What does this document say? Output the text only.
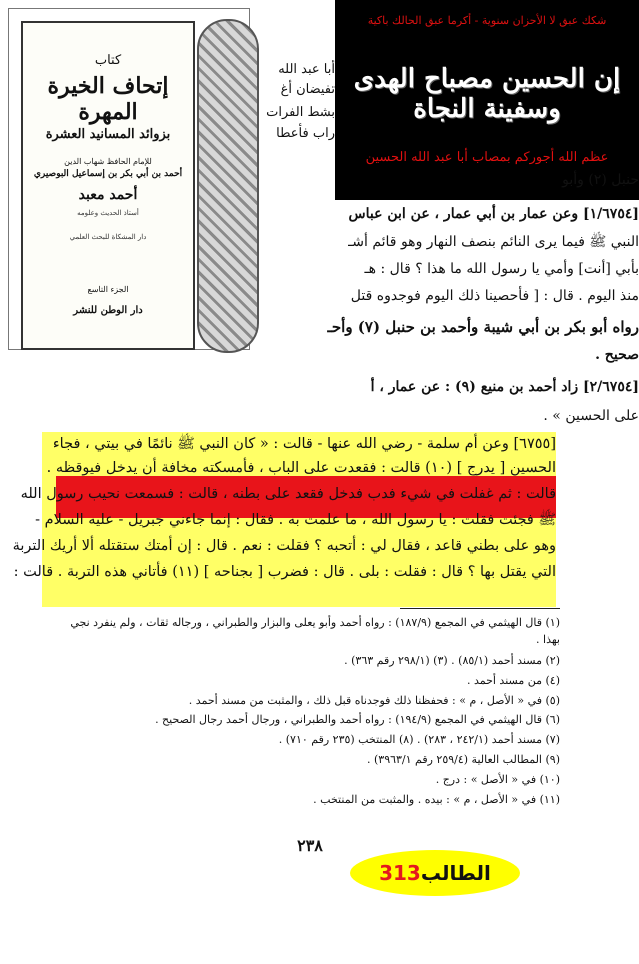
كتاب
إتحاف الخيرة المهرة
بزوائد المسانيد العشرة
للإمام الحافظ شهاب الدين
أحمد بن أبي بكر بن إسماعيل البوصيري
أحمد معبد
أستاذ الحديث وعلومه
دار المشكاة للبحث العلمي
الجزء التاسع
دار الوطن للنشر
شكك عبق لا الأحزان سنوية - أكرما عبق الحالك باكية
إن الحسين مصباح الهدى وسفينة النجاة
عظم الله أجوركم بمصاب أبا عبد الله الحسين
أبا عبد الله
تفيضان أغ
بشط الفرات
راب فأعطا
حنبل (٢) وأبو
[١/٦٧٥٤] وعن عمار بن أبي عمار ، عن ابن عباس
النبي ﷺ فيما يرى النائم بنصف النهار وهو قائم أشـ
بأبي [أنت] وأمي يا رسول الله ما هذا ؟ قال : هـ
منذ اليوم . قال : [ فأحصينا ذلك اليوم فوجدوه قتل
رواه أبو بكر بن أبي شيبة وأحمد بن حنبل (٧) وأحـ
صحيح .
[٢/٦٧٥٤] زاد أحمد بن منيع (٩) : عن عمار ، أ
على الحسين » .
[٦٧٥٥] وعن أم سلمة - رضي الله عنها - قالت : « كان النبي ﷺ نائمًا في بيتي ، فجاء
الحسين [ يدرج ] (١٠) قالت : فقعدت على الباب ، فأمسكته مخافة أن يدخل فيوقظه .
قالت : ثم غفلت في شيء فدب فدخل فقعد على بطنه ، قالت : فسمعت نحيب رسول الله
ﷺ فجئت فقلت : يا رسول الله ، ما علمت به . فقال : إنما جاءني جبريل - عليه السلام -
وهو على بطني قاعد ، فقال لي : أتحبه ؟ فقلت : نعم . قال : إن أمتك ستقتله ألا أريك التربة
التي يقتل بها ؟ قال : فقلت : بلى . قال : فضرب [ بجناحه ] (١١) فأتاني هذه التربة . قالت :
(١) قال الهيثمي في المجمع (١٨٧/٩) : رواه أحمد وأبو يعلى والبزار والطبراني ، ورجاله ثقات ، ولم ينفرد نجي
بهذا .
(٢) مسند أحمد (٨٥/١) . (٣) (٢٩٨/١ رقم ٣٦٣) .
(٤) من مسند أحمد .
(٥) في « الأصل ، م » : فحفظنا ذلك فوجدناه قبل ذلك ، والمثبت من مسند أحمد .
(٦) قال الهيثمي في المجمع (١٩٤/٩) : رواه أحمد والطبراني ، ورجال أحمد رجال الصحيح .
(٧) مسند أحمد (٢٤٢/١ ، ٢٨٣) . (٨) المنتخب (٢٣٥ رقم ٧١٠) .
(٩) المطالب العالية (٢٥٩/٤ رقم ٣٩٦٣/١) .
(١٠) في « الأصل » : درج .
(١١) في « الأصل ، م » : بيده . والمثبت من المنتخب .
٢٣٨
الطالب313
